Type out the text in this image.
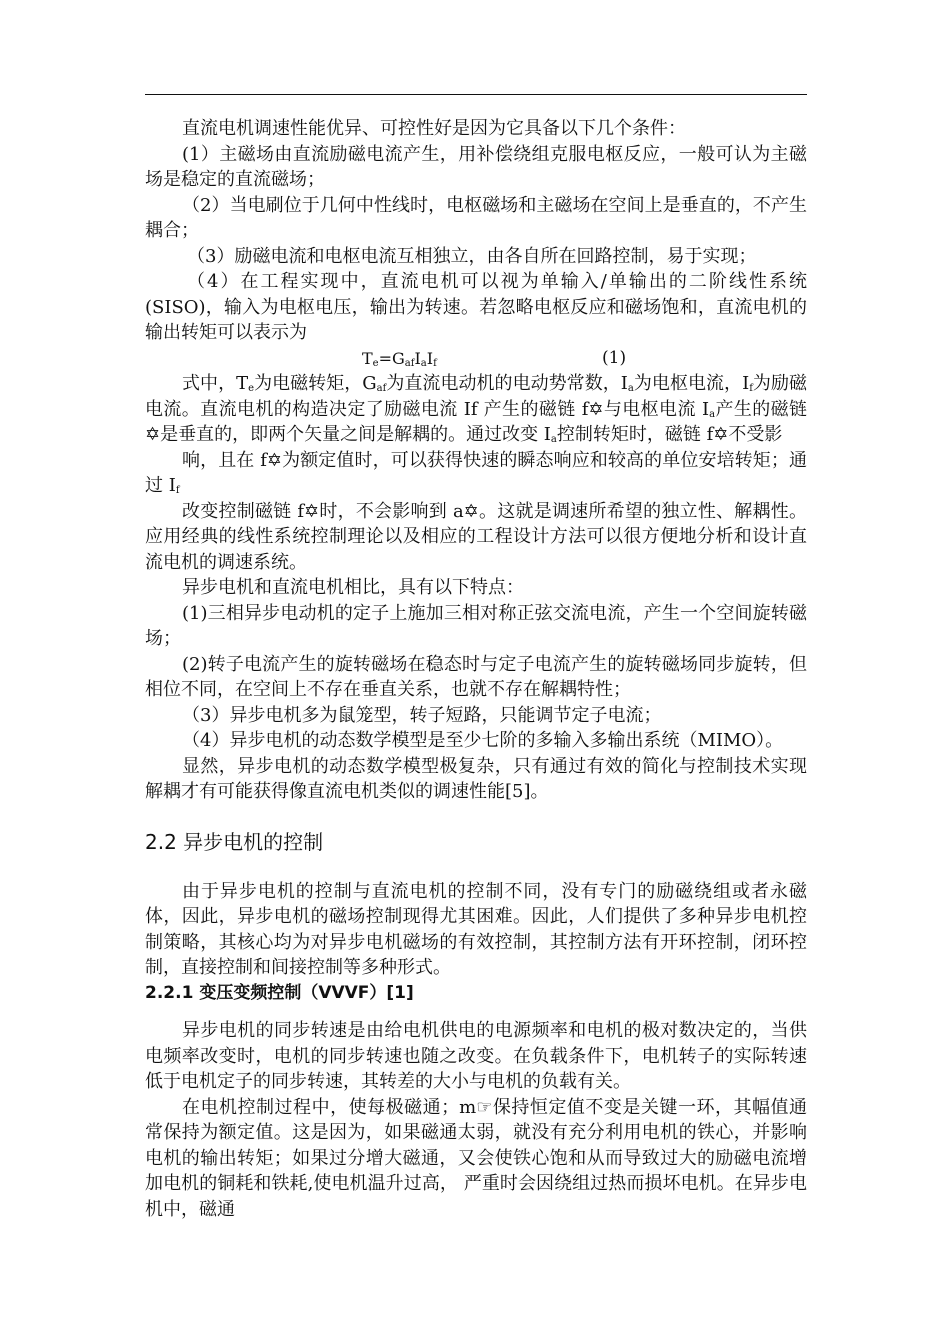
直流电机调速性能优异、可控性好是因为它具备以下几个条件：

(1）主磁场由直流励磁电流产生，用补偿绕组克服电枢反应，一般可认为主磁场是稳定的直流磁场；

（2）当电刷位于几何中性线时，电枢磁场和主磁场在空间上是垂直的，不产生耦合；

（3）励磁电流和电枢电流互相独立，由各自所在回路控制，易于实现；

（4）在工程实现中，直流电机可以视为单输入/单输出的二阶线性系统(SISO)，输入为电枢电压，输出为转速。若忽略电枢反应和磁场饱和，直流电机的输出转矩可以表示为

$T_e=G_{af}I_aI_f$	(1)

式中，$T_e$为电磁转矩，$G_{af}$为直流电动机的电动势常数，$I_a$为电枢电流，$I_f$为励磁电流。直流电机的构造决定了励磁电流 If 产生的磁链 f✡与电枢电流 $I_a$产生的磁链✡是垂直的，即两个矢量之间是解耦的。通过改变 $I_a$控制转矩时，磁链 f✡不受影

响，且在 f✡为额定值时，可以获得快速的瞬态响应和较高的单位安培转矩；通过 $I_f$

改变控制磁链 f✡时，不会影响到 a✡。这就是调速所希望的独立性、解耦性。应用经典的线性系统控制理论以及相应的工程设计方法可以很方便地分析和设计直流电机的调速系统。

异步电机和直流电机相比，具有以下特点：

(1)三相异步电动机的定子上施加三相对称正弦交流电流，产生一个空间旋转磁场；

(2)转子电流产生的旋转磁场在稳态时与定子电流产生的旋转磁场同步旋转，但相位不同，在空间上不存在垂直关系，也就不存在解耦特性；

（3）异步电机多为鼠笼型，转子短路，只能调节定子电流；

（4）异步电机的动态数学模型是至少七阶的多输入多输出系统（MIMO）。

显然，异步电机的动态数学模型极复杂，只有通过有效的简化与控制技术实现解耦才有可能获得像直流电机类似的调速性能[5]。

2.2 异步电机的控制

由于异步电机的控制与直流电机的控制不同，没有专门的励磁绕组或者永磁体，因此，异步电机的磁场控制现得尤其困难。因此，人们提供了多种异步电机控制策略，其核心均为对异步电机磁场的有效控制，其控制方法有开环控制，闭环控制，直接控制和间接控制等多种形式。

2.2.1 变压变频控制（VVVF）[1]

异步电机的同步转速是由给电机供电的电源频率和电机的极对数决定的，当供电频率改变时，电机的同步转速也随之改变。在负载条件下，电机转子的实际转速低于电机定子的同步转速，其转差的大小与电机的负载有关。

在电机控制过程中，使每极磁通；m☞保持恒定值不变是关键一环，其幅值通常保持为额定值。这是因为，如果磁通太弱，就没有充分利用电机的铁心，并影响电机的输出转矩；如果过分增大磁通，又会使铁心饱和从而导致过大的励磁电流增加电机的铜耗和铁耗,使电机温升过高， 严重时会因绕组过热而损坏电机。在异步电机中，磁通
